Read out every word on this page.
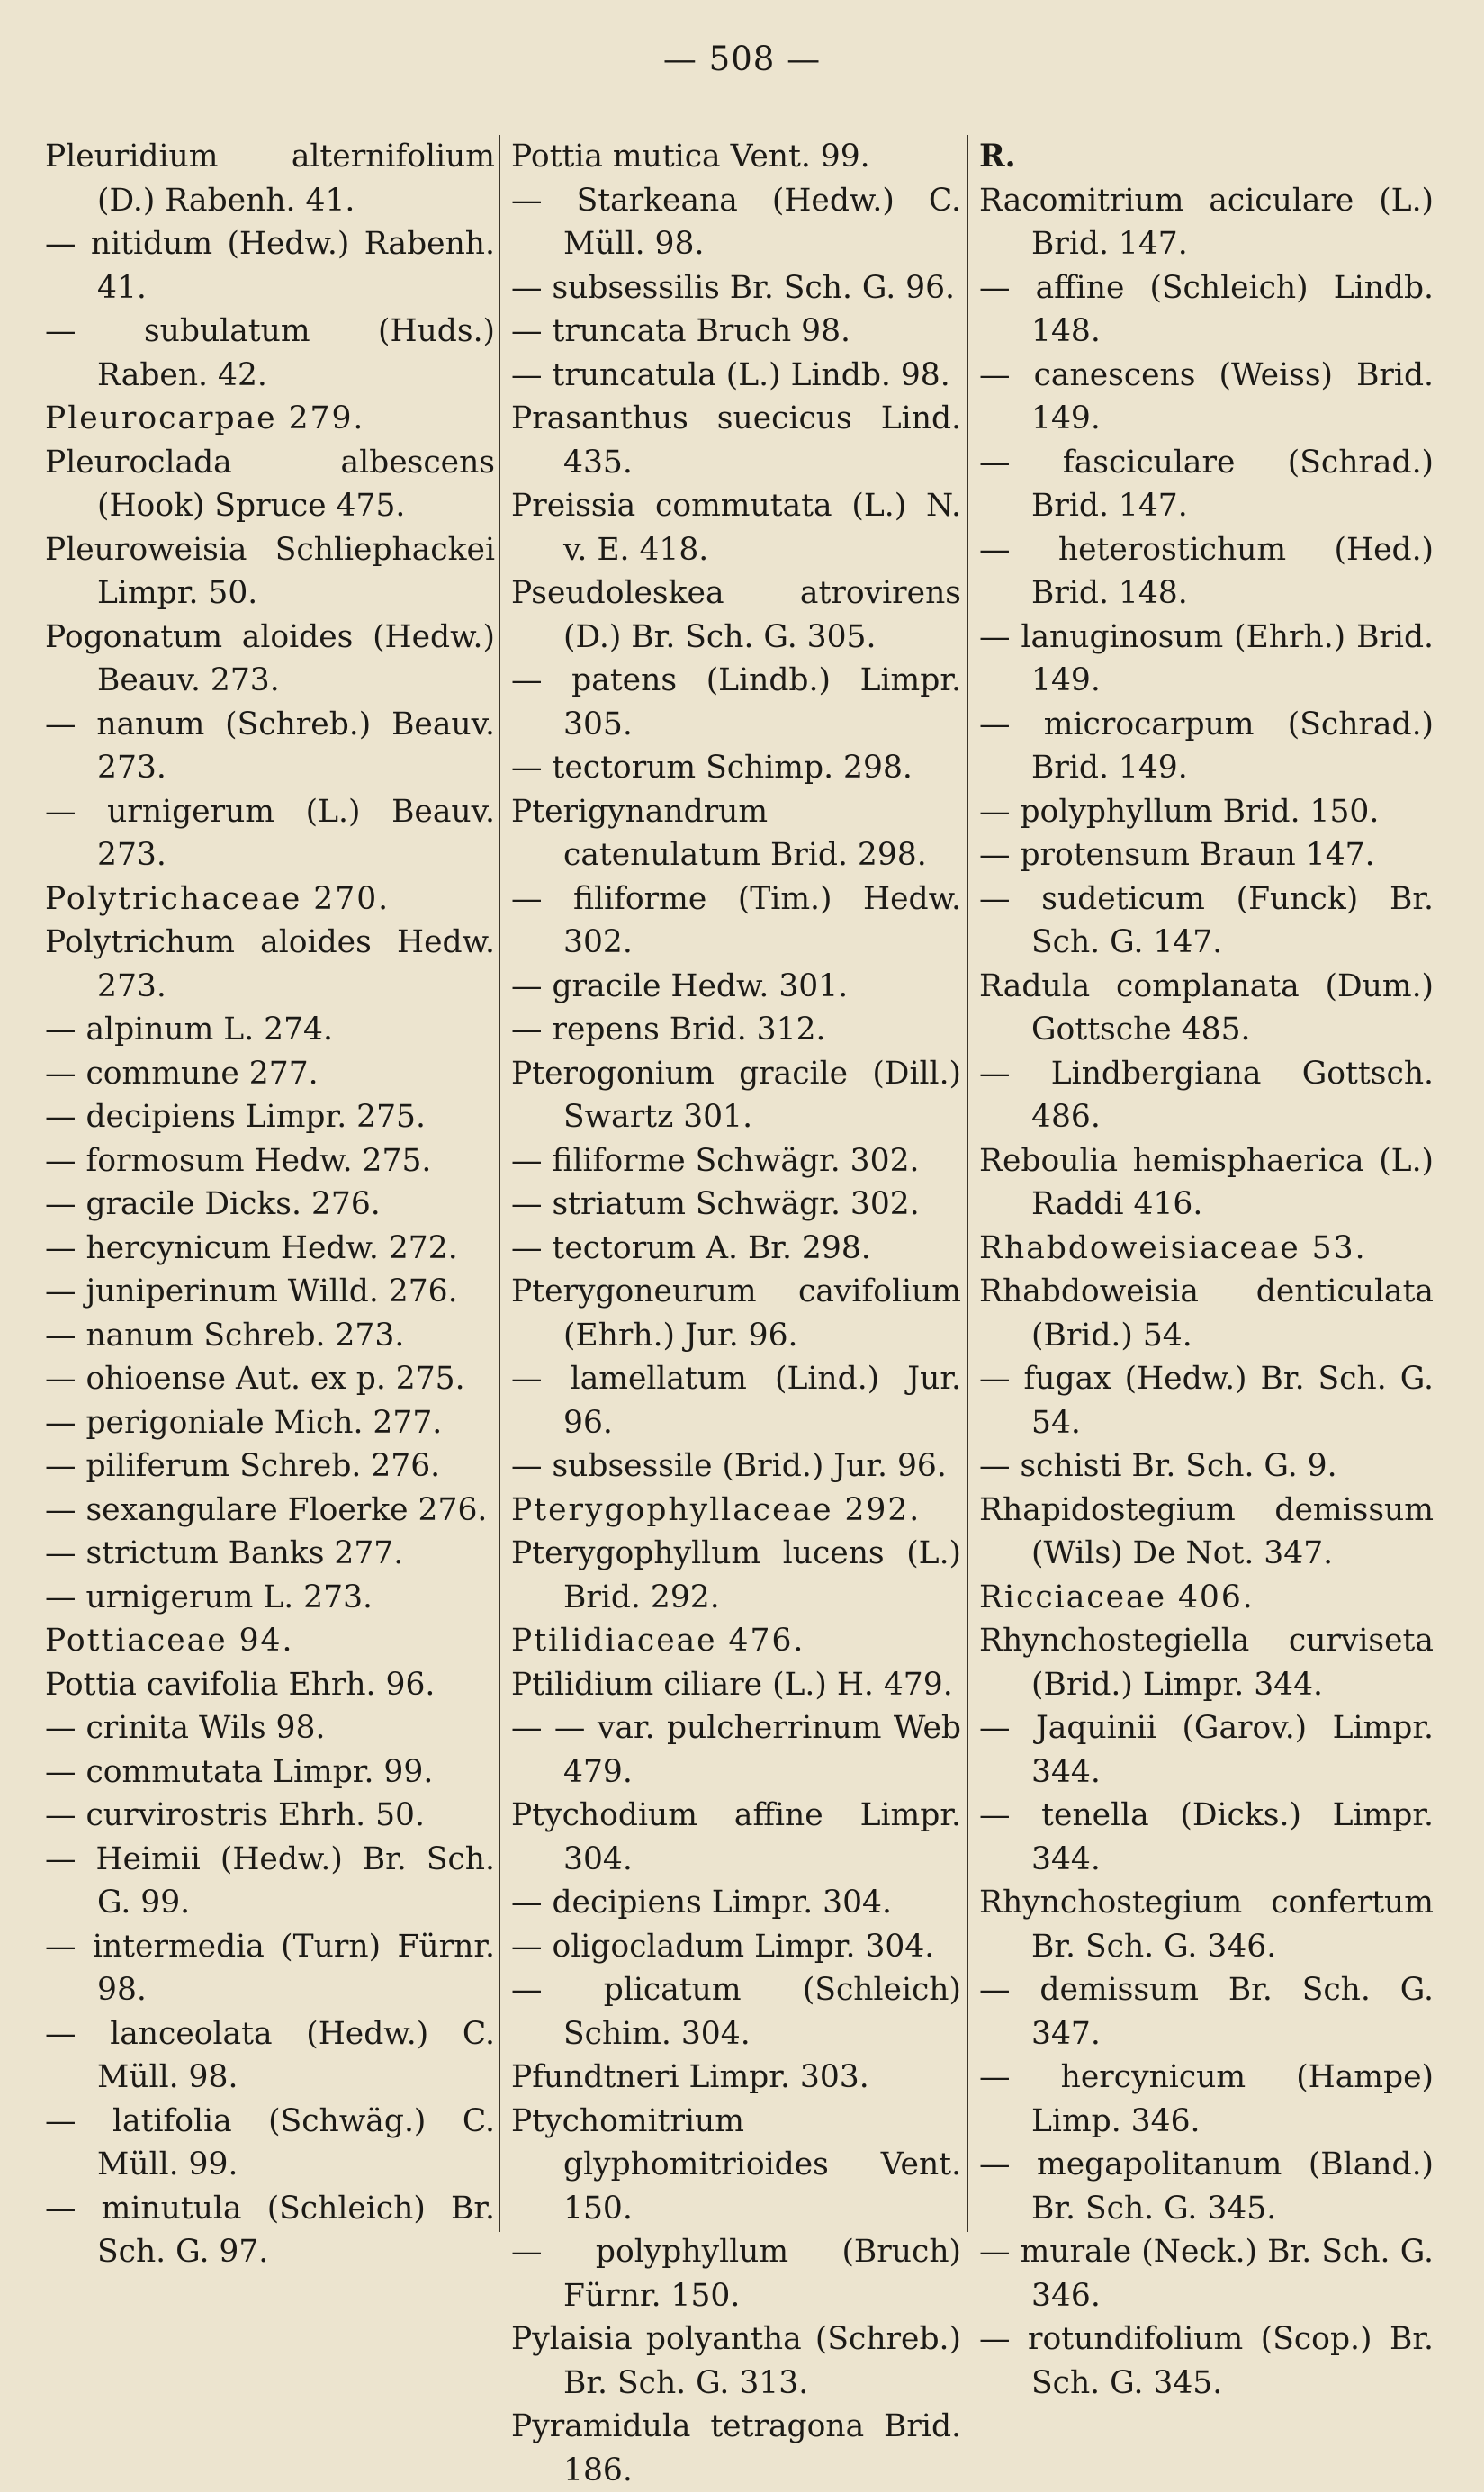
— 508 —
Pleuridium alternifolium (D.) Rabenh. 41.
— nitidum (Hedw.) Rabenh. 41.
— subulatum (Huds.) Raben. 42.
Pleurocarpae 279.
Pleuroclada albescens (Hook) Spruce 475.
Pleuroweisia Schliephackei Limpr. 50.
Pogonatum aloides (Hedw.) Beauv. 273.
— nanum (Schreb.) Beauv. 273.
— urnigerum (L.) Beauv. 273.
Polytrichaceae 270.
Polytrichum aloides Hedw. 273.
— alpinum L. 274.
— commune 277.
— decipiens Limpr. 275.
— formosum Hedw. 275.
— gracile Dicks. 276.
— hercynicum Hedw. 272.
— juniperinum Willd. 276.
— nanum Schreb. 273.
— ohioense Aut. ex p. 275.
— perigoniale Mich. 277.
— piliferum Schreb. 276.
— sexangulare Floerke 276.
— strictum Banks 277.
— urnigerum L. 273.
Pottiaceae 94.
Pottia cavifolia Ehrh. 96.
— crinita Wils 98.
— commutata Limpr. 99.
— curvirostris Ehrh. 50.
— Heimii (Hedw.) Br. Sch. G. 99.
— intermedia (Turn) Fürnr. 98.
— lanceolata (Hedw.) C. Müll. 98.
— latifolia (Schwäg.) C. Müll. 99.
— minutula (Schleich) Br. Sch. G. 97.
Pottia mutica Vent. 99.
— Starkeana (Hedw.) C. Müll. 98.
— subsessilis Br. Sch. G. 96.
— truncata Bruch 98.
— truncatula (L.) Lindb. 98.
Prasanthus suecicus Lind. 435.
Preissia commutata (L.) N. v. E. 418.
Pseudoleskea atrovirens (D.) Br. Sch. G. 305.
— patens (Lindb.) Limpr. 305.
— tectorum Schimp. 298.
Pterigynandrum catenulatum Brid. 298.
— filiforme (Tim.) Hedw. 302.
— gracile Hedw. 301.
— repens Brid. 312.
Pterogonium gracile (Dill.) Swartz 301.
— filiforme Schwägr. 302.
— striatum Schwägr. 302.
— tectorum A. Br. 298.
Pterygoneurum cavifolium (Ehrh.) Jur. 96.
— lamellatum (Lind.) Jur. 96.
— subsessile (Brid.) Jur. 96.
Pterygophyllaceae 292.
Pterygophyllum lucens (L.) Brid. 292.
Ptilidiaceae 476.
Ptilidium ciliare (L.) H. 479.
— — var. pulcherrinum Web 479.
Ptychodium affine Limpr. 304.
— decipiens Limpr. 304.
— oligocladum Limpr. 304.
— plicatum (Schleich) Schim. 304.
Pfundtneri Limpr. 303.
Ptychomitrium glyphomitrioides Vent. 150.
— polyphyllum (Bruch) Fürnr. 150.
Pylaisia polyantha (Schreb.) Br. Sch. G. 313.
Pyramidula tetragona Brid. 186.
R.
Racomitrium aciculare (L.) Brid. 147.
— affine (Schleich) Lindb. 148.
— canescens (Weiss) Brid. 149.
— fasciculare (Schrad.) Brid. 147.
— heterostichum (Hed.) Brid. 148.
— lanuginosum (Ehrh.) Brid. 149.
— microcarpum (Schrad.) Brid. 149.
— polyphyllum Brid. 150.
— protensum Braun 147.
— sudeticum (Funck) Br. Sch. G. 147.
Radula complanata (Dum.) Gottsche 485.
— Lindbergiana Gottsch. 486.
Reboulia hemisphaerica (L.) Raddi 416.
Rhabdoweisiaceae 53.
Rhabdoweisia denticulata (Brid.) 54.
— fugax (Hedw.) Br. Sch. G. 54.
— schisti Br. Sch. G. 9.
Rhapidostegium demissum (Wils) De Not. 347.
Ricciaceae 406.
Rhynchostegiella curviseta (Brid.) Limpr. 344.
— Jaquinii (Garov.) Limpr. 344.
— tenella (Dicks.) Limpr. 344.
Rhynchostegium confertum Br. Sch. G. 346.
— demissum Br. Sch. G. 347.
— hercynicum (Hampe) Limp. 346.
— megapolitanum (Bland.) Br. Sch. G. 345.
— murale (Neck.) Br. Sch. G. 346.
— rotundifolium (Scop.) Br. Sch. G. 345.
